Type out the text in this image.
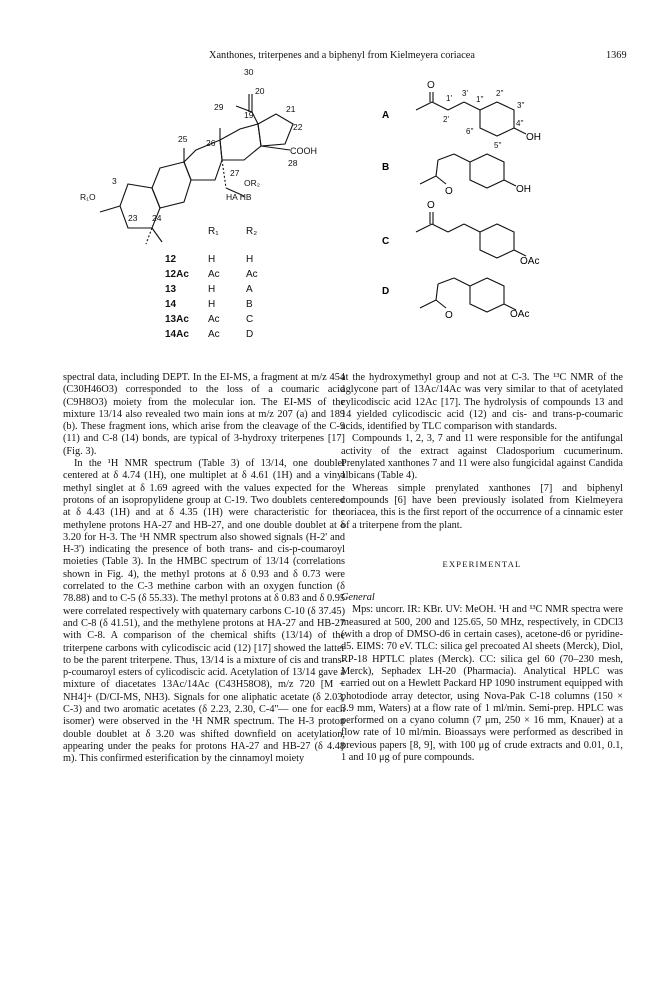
Xanthones, triterpenes and a biphenyl from Kielmeyera coriacea	1369
30
20
29
19
21
22
25 26
COOH
28
27
OR₂
HA HB
3
R₁O
23 24
R₁	R₂
12	H	H
12Ac Ac	Ac
13	H	A
14	H	B
13Ac Ac	C
14Ac Ac	D
O
1'
2'
3'
1''
2''
3''
4''
5''
6''
A
OH
B
O	OH
O
C
OAc
D
O	OAc

spectral data, including DEPT. In the EI-MS, a fragment at m/z 454 (C30H46O3) corresponded to the loss of a coumaric acid (C9H8O3) moiety from the molecular ion. The EI-MS of the mixture 13/14 also revealed two main ions at m/z 207 (a) and 189 (b). These fragment ions, which arise from the cleavage of the C-9 (11) and C-8 (14) bonds, are typical of 3-hydroxy triterpenes [17] (Fig. 3).

In the ¹H NMR spectrum (Table 3) of 13/14, one doublet centered at δ 4.74 (1H), one multiplet at δ 4.61 (1H) and a vinyl methyl singlet at δ 1.69 agreed with the values expected for the protons of an isopropylidene group at C-19. Two doublets centered at δ 4.43 (1H) and at δ 4.35 (1H) were characteristic for the methylene protons HA-27 and HB-27, and one double doublet at δ 3.20 for H-3. The ¹H NMR spectrum also showed signals (H-2' and H-3') indicating the presence of both trans- and cis-p-coumaroyl moieties (Table 3). In the HMBC spectrum of 13/14 (correlations shown in Fig. 4), the methyl protons at δ 0.93 and δ 0.73 were correlated to the C-3 methine carbon with an oxygen function (δ 78.88) and to C-5 (δ 55.33). The methyl protons at δ 0.83 and δ 0.95 were correlated respectively with quaternary carbons C-10 (δ 37.45) and C-8 (δ 41.51), and the methylene protons at HA-27 and HB-27 with C-8. A comparison of the chemical shifts (13/14) of the triterpene carbons with cylicodiscic acid (12) [17] showed the latter to be the parent triterpene. Thus, 13/14 is a mixture of cis and trans-p-coumaroyl esters of cylicodiscic acid. Acetylation of 13/14 gave a mixture of diacetates 13Ac/14Ac (C43H58O8), m/z 720 [M + NH4]+ (D/CI-MS, NH3). Signals for one aliphatic acetate (δ 2.03, C-3) and two aromatic acetates (δ 2.23, 2.30, C-4''— one for each isomer) were observed in the ¹H NMR spectrum. The H-3 proton double doublet at δ 3.20 was shifted downfield on acetylation, appearing under the peaks for protons HA-27 and HB-27 (δ 4.48 m). This confirmed esterification by the cinnamoyl moiety

at the hydroxymethyl group and not at C-3. The ¹³C NMR of the aglycone part of 13Ac/14Ac was very similar to that of acetylated cylicodiscic acid 12Ac [17]. The hydrolysis of compounds 13 and 14 yielded cylicodiscic acid (12) and cis- and trans-p-coumaric acids, identified by TLC comparison with standards.

Compounds 1, 2, 3, 7 and 11 were responsible for the antifungal activity of the extract against Cladosporium cucumerinum. Prenylated xanthones 7 and 11 were also fungicidal against Candida albicans (Table 4).

Whereas simple prenylated xanthones [7] and biphenyl compounds [6] have been previously isolated from Kielmeyera coriacea, this is the first report of the occurrence of a cinnamic ester of a triterpene from the plant.

EXPERIMENTAL

General

Mps: uncorr. IR: KBr. UV: MeOH. ¹H and ¹³C NMR spectra were measured at 500, 200 and 125.65, 50 MHz, respectively, in CDCl3 (with a drop of DMSO-d6 in certain cases), acetone-d6 or pyridine-d5. EIMS: 70 eV. TLC: silica gel precoated Al sheets (Merck), Diol, RP-18 HPTLC plates (Merck). CC: silica gel 60 (70–230 mesh, Merck), Sephadex LH-20 (Pharmacia). Analytical HPLC was carried out on a Hewlett Packard HP 1090 instrument equipped with photodiode array detector, using Nova-Pak C-18 columns (150 × 3.9 mm, Waters) at a flow rate of 1 ml/min. Semi-prep. HPLC was performed on a cyano column (7 μm, 250 × 16 mm, Knauer) at a flow rate of 10 ml/min. Bioassays were performed as described in previous papers [8, 9], with 100 μg of crude extracts and 0.01, 0.1, 1 and 10 μg of pure compounds.
